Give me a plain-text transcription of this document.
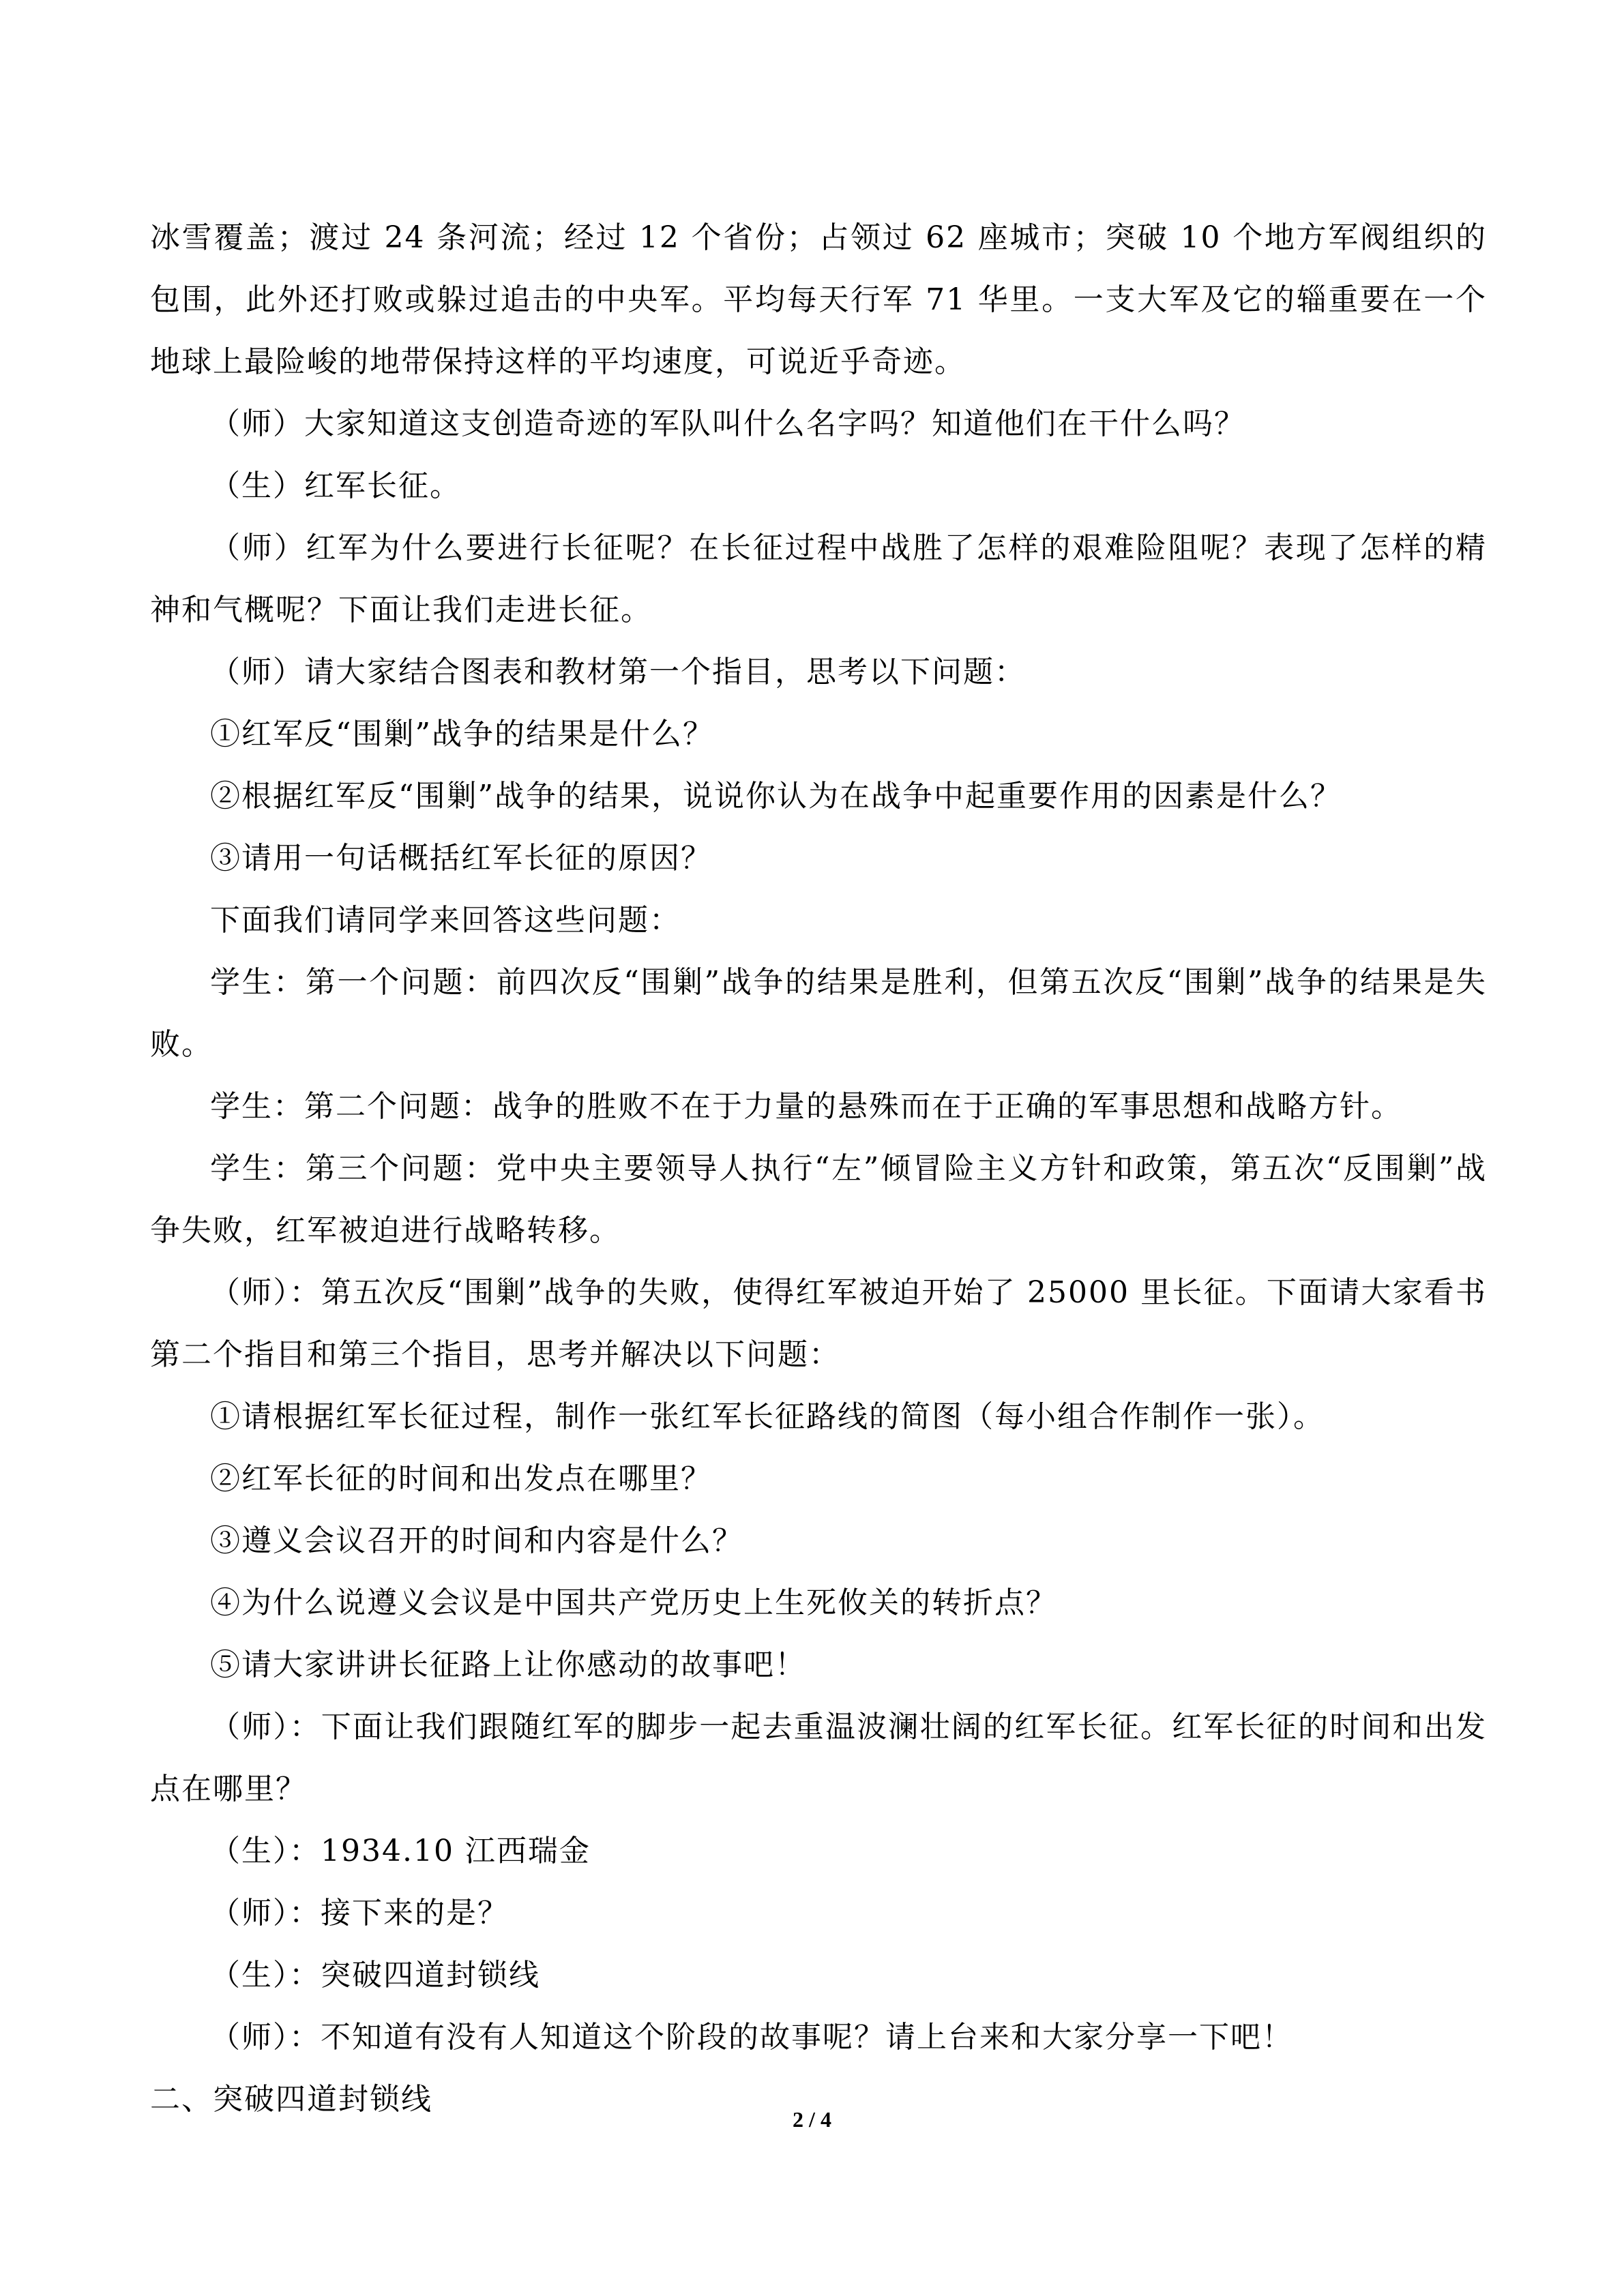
冰雪覆盖；渡过 24 条河流；经过 12 个省份；占领过 62 座城市；突破 10 个地方军阀组织的包围，此外还打败或躲过追击的中央军。平均每天行军 71 华里。一支大军及它的辎重要在一个地球上最险峻的地带保持这样的平均速度，可说近乎奇迹。

（师）大家知道这支创造奇迹的军队叫什么名字吗？知道他们在干什么吗？

（生）红军长征。

（师）红军为什么要进行长征呢？在长征过程中战胜了怎样的艰难险阻呢？表现了怎样的精神和气概呢？下面让我们走进长征。

（师）请大家结合图表和教材第一个指目，思考以下问题：

①红军反“围剿”战争的结果是什么？

②根据红军反“围剿”战争的结果，说说你认为在战争中起重要作用的因素是什么？

③请用一句话概括红军长征的原因？

下面我们请同学来回答这些问题：

学生：第一个问题：前四次反“围剿”战争的结果是胜利，但第五次反“围剿”战争的结果是失败。

学生：第二个问题：战争的胜败不在于力量的悬殊而在于正确的军事思想和战略方针。

学生：第三个问题：党中央主要领导人执行“左”倾冒险主义方针和政策，第五次“反围剿”战争失败，红军被迫进行战略转移。

（师）：第五次反“围剿”战争的失败，使得红军被迫开始了 25000 里长征。下面请大家看书第二个指目和第三个指目，思考并解决以下问题：

①请根据红军长征过程，制作一张红军长征路线的简图（每小组合作制作一张）。

②红军长征的时间和出发点在哪里？

③遵义会议召开的时间和内容是什么？

④为什么说遵义会议是中国共产党历史上生死攸关的转折点？

⑤请大家讲讲长征路上让你感动的故事吧！

（师）：下面让我们跟随红军的脚步一起去重温波澜壮阔的红军长征。红军长征的时间和出发点在哪里？

（生）：1934.10 江西瑞金

（师）：接下来的是？

（生）：突破四道封锁线

（师）：不知道有没有人知道这个阶段的故事呢？请上台来和大家分享一下吧！

二、突破四道封锁线

2 / 4
